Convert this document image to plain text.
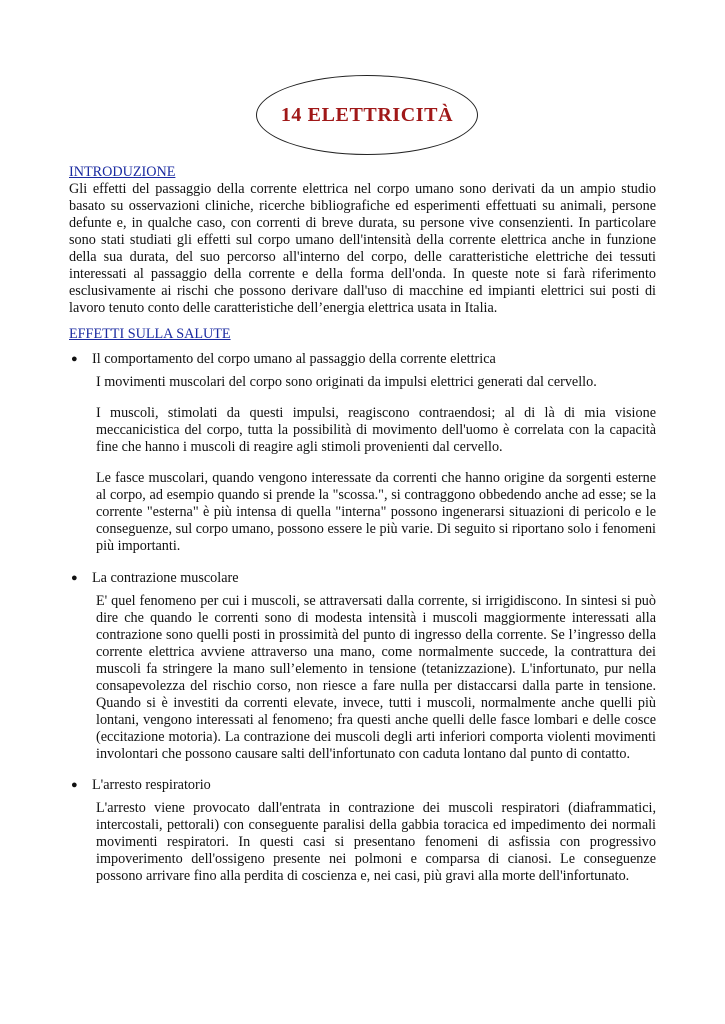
14 ELETTRICITÀ
INTRODUZIONE

Gli effetti del passaggio della corrente elettrica nel corpo umano sono derivati da un ampio studio basato su osservazioni cliniche, ricerche bibliografiche ed esperimenti effettuati su animali, persone defunte e, in qualche caso, con correnti di breve durata, su persone vive consenzienti. In particolare sono stati studiati gli effetti sul corpo umano dell'intensità della corrente elettrica anche in funzione della sua durata, del suo percorso all'interno del corpo, delle caratteristiche elettriche dei tessuti interessati al passaggio della corrente e della forma dell'onda. In queste note si farà riferimento esclusivamente ai rischi che possono derivare dall'uso di macchine ed impianti elettrici sui posti di lavoro tenuto conto delle caratteristiche dell’energia elettrica usata in Italia.

EFFETTI SULLA SALUTE
● Il comportamento del corpo umano al passaggio della corrente elettrica

I movimenti muscolari del corpo sono originati da impulsi elettrici generati dal cervello.

I muscoli, stimolati da questi impulsi, reagiscono contraendosi; al di là di mia visione meccanicistica del corpo, tutta la possibilità di movimento dell'uomo è correlata con la capacità fine che hanno i muscoli di reagire agli stimoli provenienti dal cervello.

Le fasce muscolari, quando vengono interessate da correnti che hanno origine da sorgenti esterne al corpo, ad esempio quando si prende la "scossa.", si contraggono obbedendo anche ad esse; se la corrente "esterna" è più intensa di quella "interna" possono ingenerarsi situazioni di pericolo e le conseguenze, sul corpo umano, possono essere le più varie. Di seguito si riportano solo i fenomeni più importanti.

● La contrazione muscolare

E' quel fenomeno per cui i muscoli, se attraversati dalla corrente, si irrigidiscono. In sintesi si può dire che quando le correnti sono di modesta intensità i muscoli maggiormente interessati alla contrazione sono quelli posti in prossimità del punto di ingresso della corrente. Se l’ingresso della corrente elettrica avviene attraverso una mano, come normalmente succede, la contrattura dei muscoli fa stringere la mano sull’elemento in tensione (tetanizzazione). L'infortunato, pur nella consapevolezza del rischio corso, non riesce a fare nulla per distaccarsi dalla parte in tensione. Quando si è investiti da correnti elevate, invece, tutti i muscoli, normalmente anche quelli più lontani, vengono interessati al fenomeno; fra questi anche quelli delle fasce lombari e delle cosce (eccitazione motoria). La contrazione dei muscoli degli arti inferiori comporta violenti movimenti involontari che possono causare salti dell'infortunato con caduta lontano dal punto di contatto.

● L'arresto respiratorio

L'arresto viene provocato dall'entrata in contrazione dei muscoli respiratori (diaframmatici, intercostali, pettorali) con conseguente paralisi della gabbia toracica ed impedimento dei normali movimenti respiratori. In questi casi si presentano fenomeni di asfissia con progressivo impoverimento dell'ossigeno presente nei polmoni e comparsa di cianosi. Le conseguenze possono arrivare fino alla perdita di coscienza e, nei casi, più gravi alla morte dell'infortunato.
